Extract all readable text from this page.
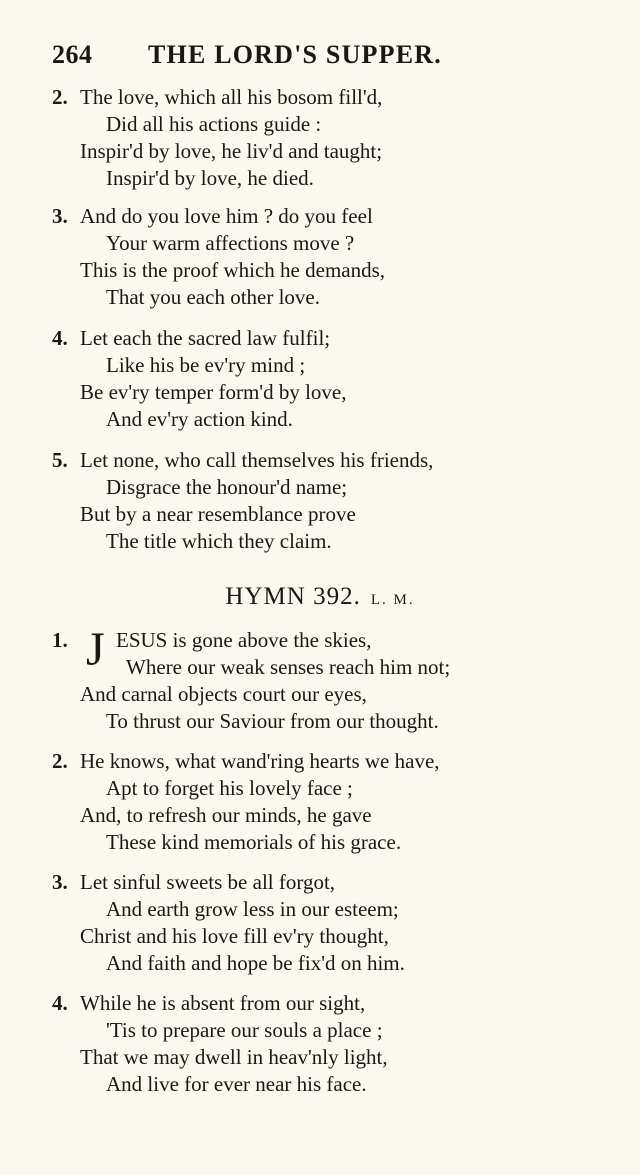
264 THE LORD'S SUPPER.
2. The love, which all his bosom fill'd,
Did all his actions guide :
Inspir'd by love, he liv'd and taught;
Inspir'd by love, he died.
3. And do you love him ? do you feel
Your warm affections move ?
This is the proof which he demands,
That you each other love.
4. Let each the sacred law fulfil;
Like his be ev'ry mind ;
Be ev'ry temper form'd by love,
And ev'ry action kind.
5. Let none, who call themselves his friends,
Disgrace the honour'd name;
But by a near resemblance prove
The title which they claim.
HYMN 392. L. M.
J
1. ESUS is gone above the skies,
Where our weak senses reach him not;
And carnal objects court our eyes,
To thrust our Saviour from our thought.
2. He knows, what wand'ring hearts we have,
Apt to forget his lovely face ;
And, to refresh our minds, he gave
These kind memorials of his grace.
3. Let sinful sweets be all forgot,
And earth grow less in our esteem;
Christ and his love fill ev'ry thought,
And faith and hope be fix'd on him.
4. While he is absent from our sight,
'Tis to prepare our souls a place ;
That we may dwell in heav'nly light,
And live for ever near his face.
